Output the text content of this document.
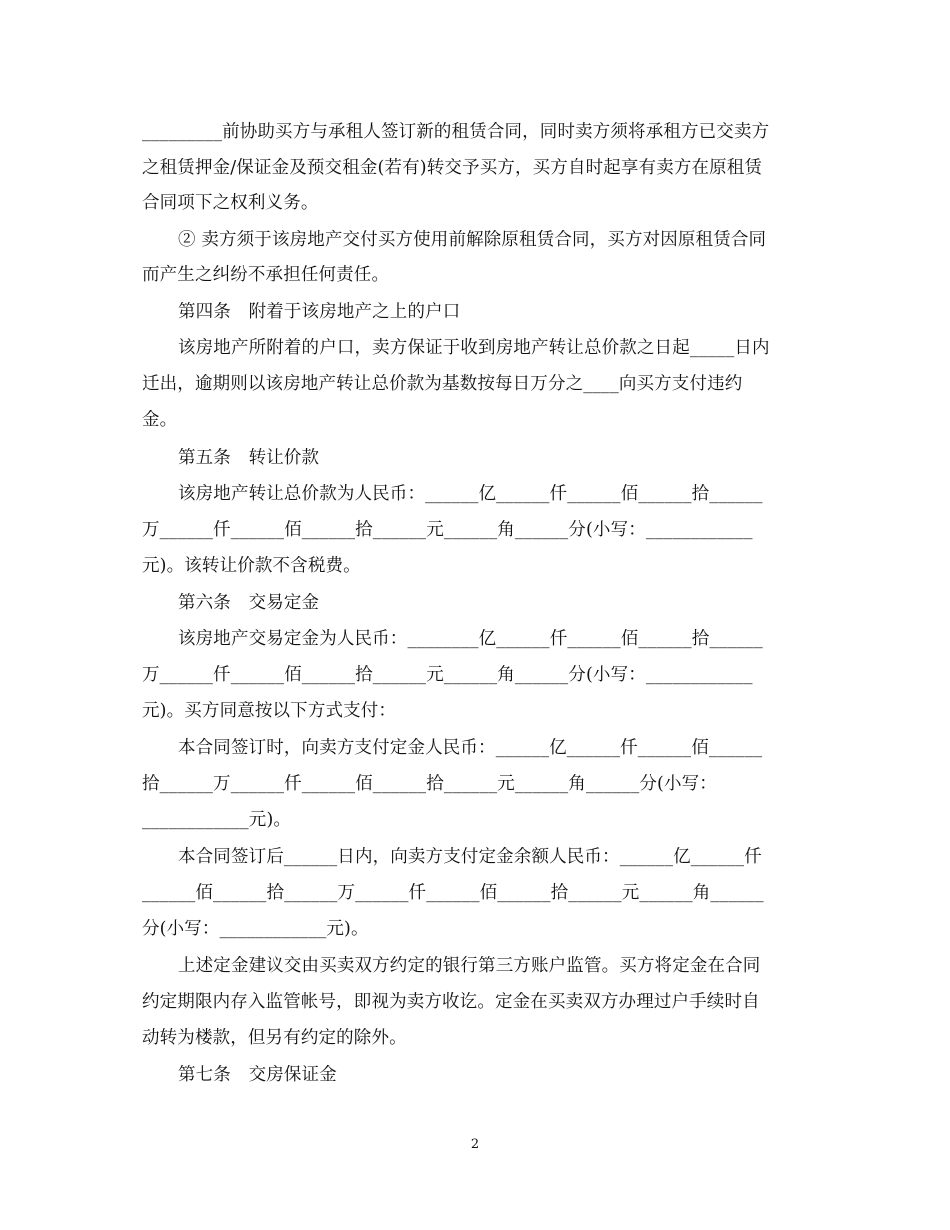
_________前协助买方与承租人签订新的租赁合同，同时卖方须将承租方已交卖方
之租赁押金/保证金及预交租金(若有)转交予买方，买方自时起享有卖方在原租赁
合同项下之权利义务。
② 卖方须于该房地产交付买方使用前解除原租赁合同，买方对因原租赁合同
而产生之纠纷不承担任何责任。
第四条　附着于该房地产之上的户口
该房地产所附着的户口，卖方保证于收到房地产转让总价款之日起_____日内
迁出，逾期则以该房地产转让总价款为基数按每日万分之____向买方支付违约
金。
第五条　转让价款
该房地产转让总价款为人民币：______亿______仟______佰______拾______
万______仟______佰______拾______元______角______分(小写：____________
元)。该转让价款不含税费。
第六条　交易定金
该房地产交易定金为人民币：________亿______仟______佰______拾______
万______仟______佰______拾______元______角______分(小写：____________
元)。买方同意按以下方式支付：
本合同签订时，向卖方支付定金人民币：______亿______仟______佰______
拾______万______仟______佰______拾______元______角______分(小写：
____________元)。
本合同签订后______日内，向卖方支付定金余额人民币：______亿______仟
______佰______拾______万______仟______佰______拾______元______角______
分(小写：____________元)。
上述定金建议交由买卖双方约定的银行第三方账户监管。买方将定金在合同
约定期限内存入监管帐号，即视为卖方收讫。定金在买卖双方办理过户手续时自
动转为楼款，但另有约定的除外。
第七条　交房保证金
2
